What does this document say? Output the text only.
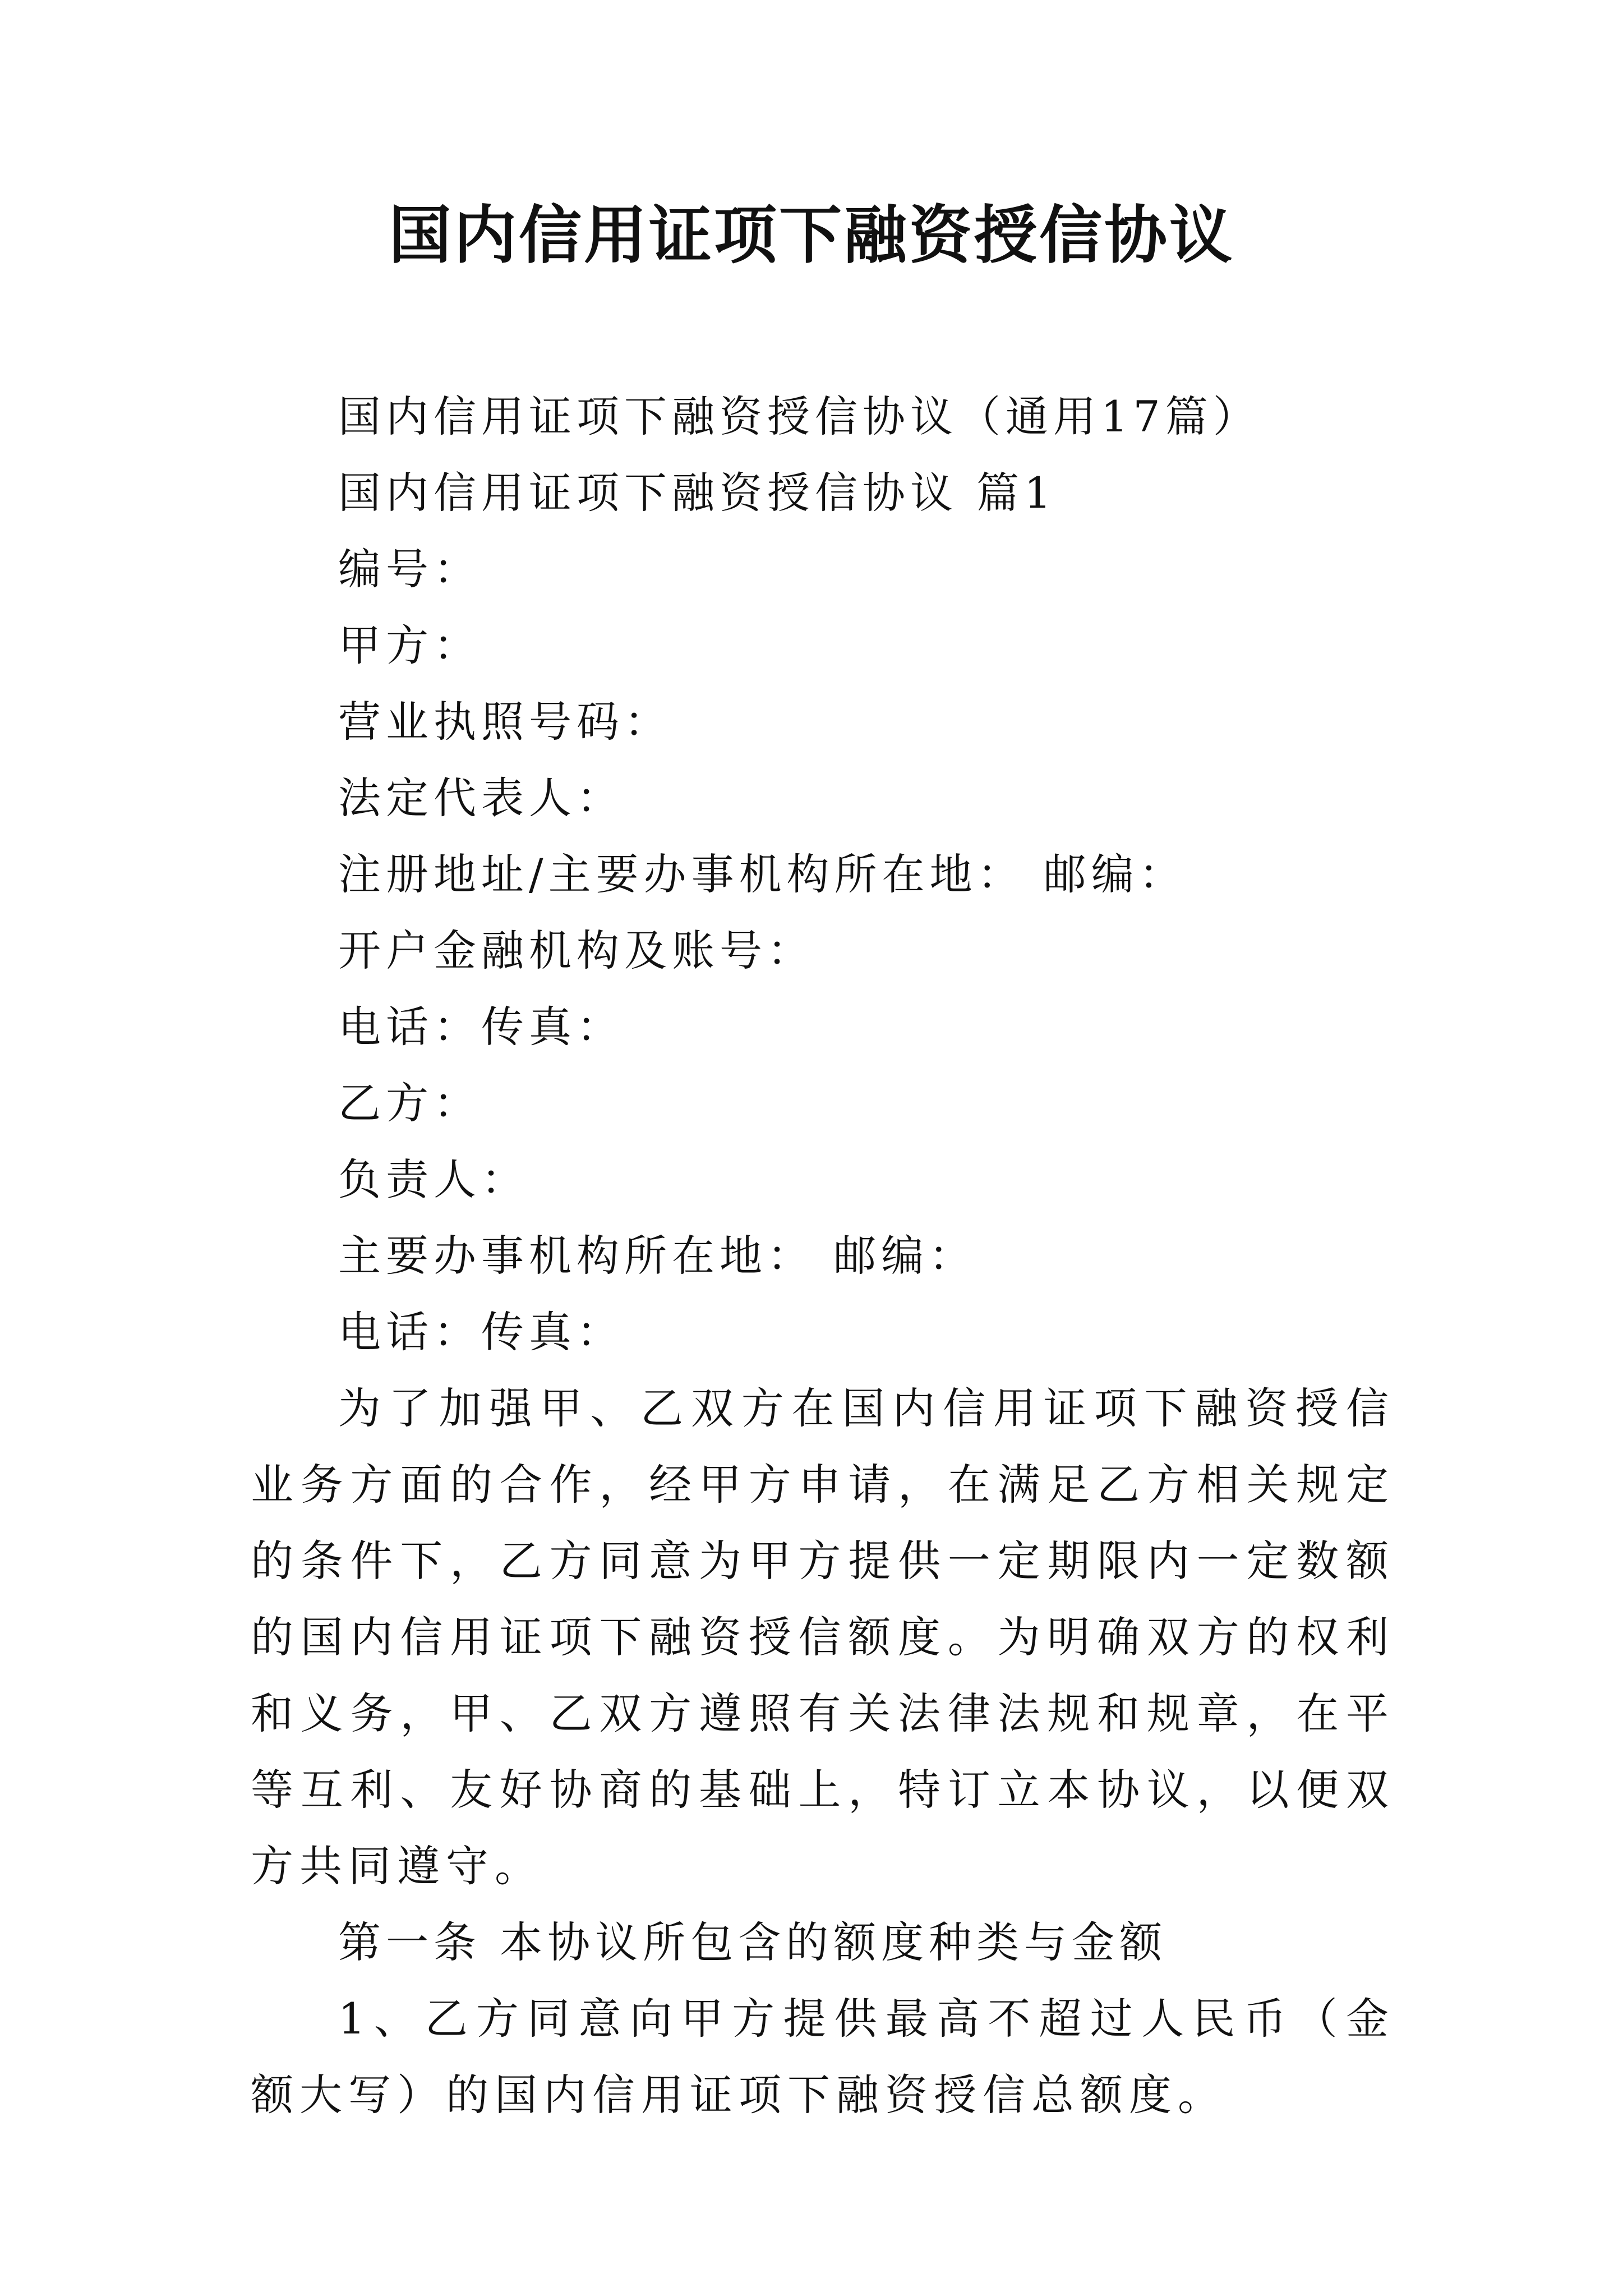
国内信用证项下融资授信协议
国内信用证项下融资授信协议（通用17篇）
国内信用证项下融资授信协议 篇1
编号：
甲方：
营业执照号码：
法定代表人：
注册地址/主要办事机构所在地： 邮编：
开户金融机构及账号：
电话：传真：
乙方：
负责人：
主要办事机构所在地： 邮编：
电话：传真：
为了加强甲、乙双方在国内信用证项下融资授信业务方面的合作，经甲方申请，在满足乙方相关规定的条件下，乙方同意为甲方提供一定期限内一定数额的国内信用证项下融资授信额度。为明确双方的权利和义务，甲、乙双方遵照有关法律法规和规章，在平等互利、友好协商的基础上，特订立本协议，以便双方共同遵守。
第一条 本协议所包含的额度种类与金额
1、乙方同意向甲方提供最高不超过人民币（金额大写）的国内信用证项下融资授信总额度。
